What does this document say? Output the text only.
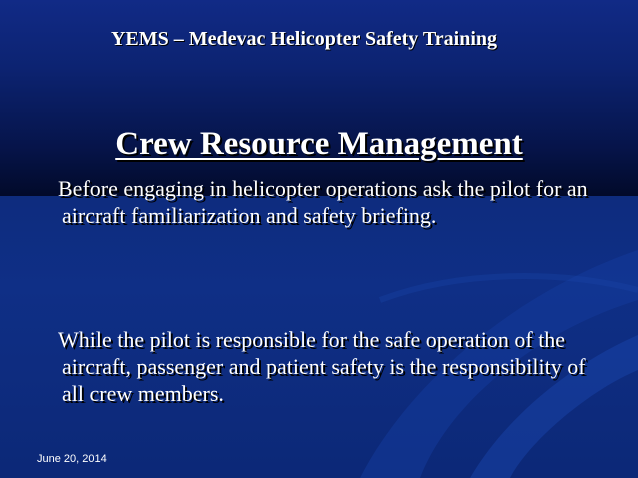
YEMS – Medevac Helicopter Safety Training
Crew Resource Management
Before engaging in helicopter operations ask the pilot for an aircraft familiarization and safety briefing.
While the pilot is responsible for the safe operation of the aircraft, passenger and patient safety is the responsibility of all crew members.
June 20, 2014
